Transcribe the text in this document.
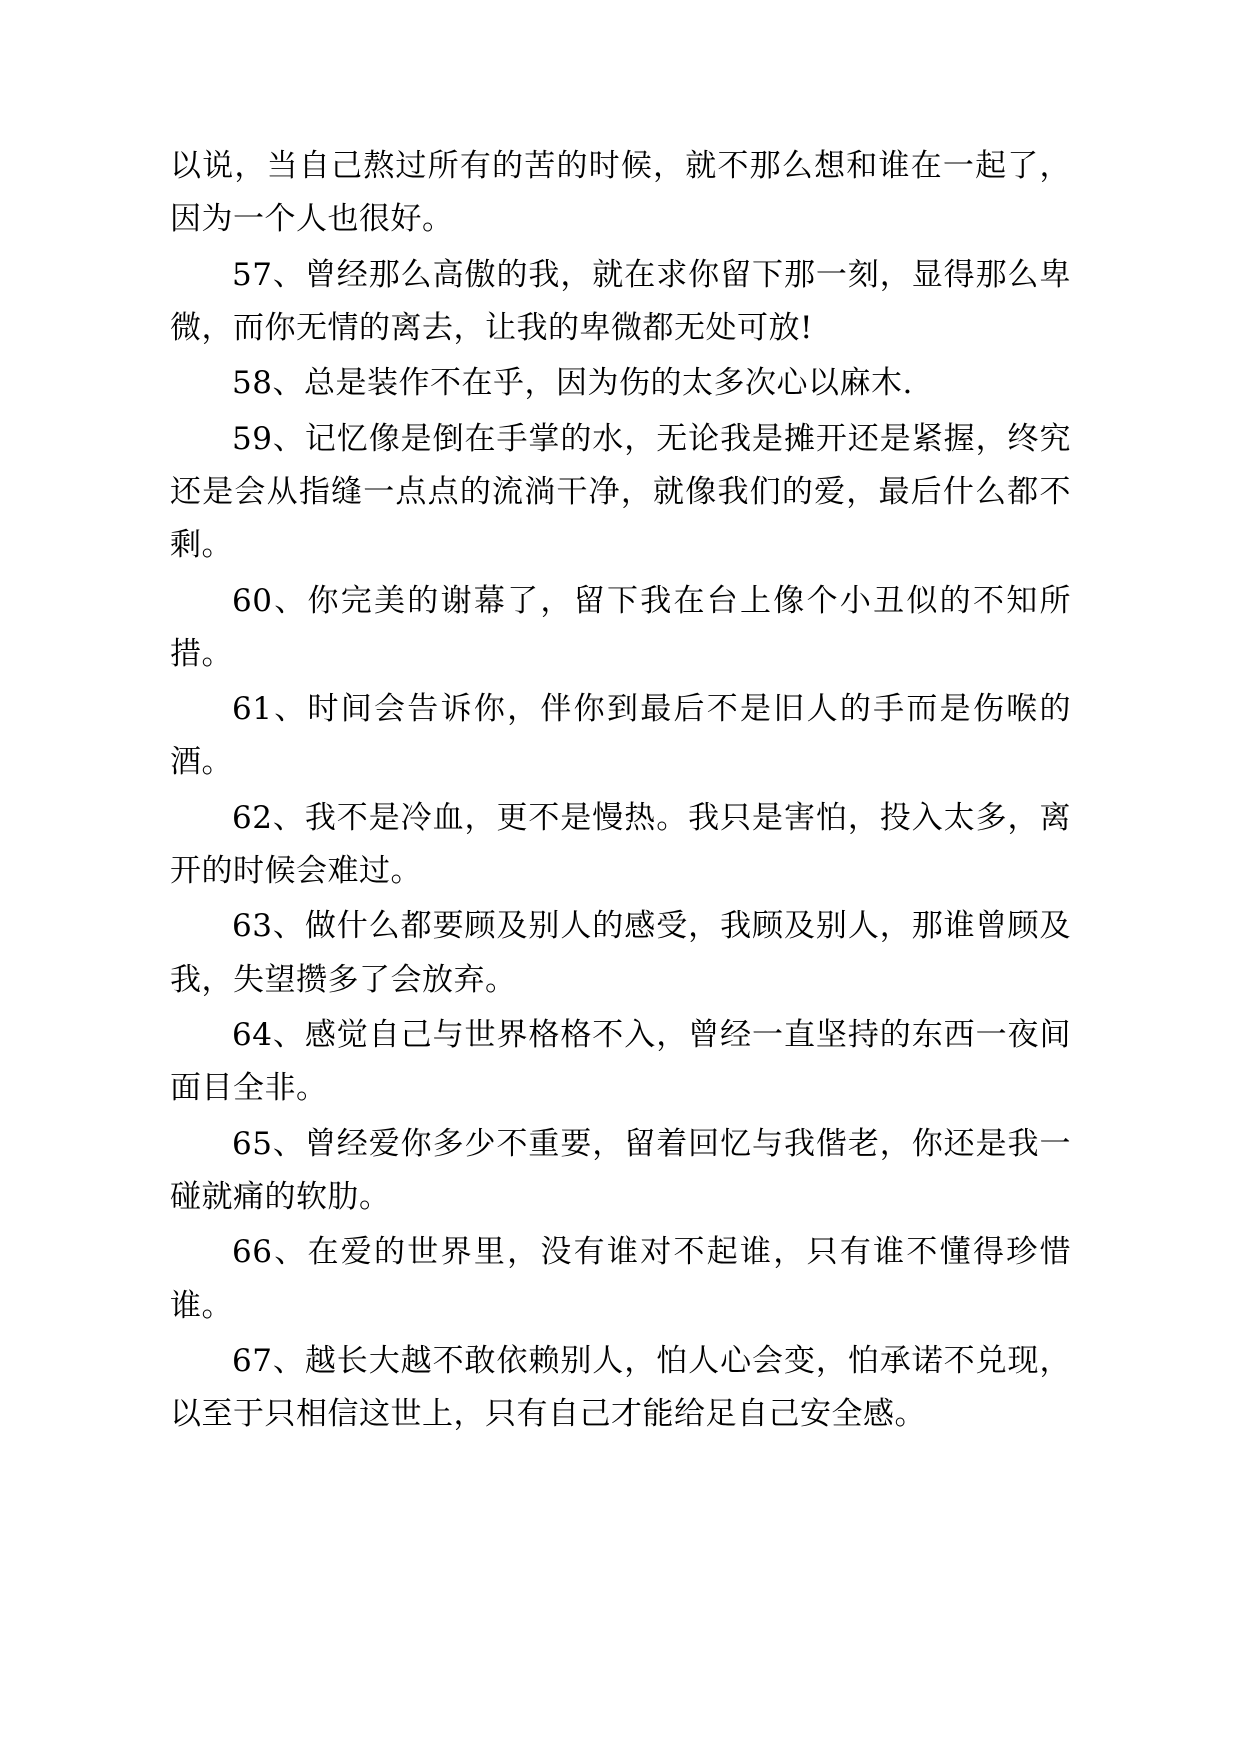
以说，当自己熬过所有的苦的时候，就不那么想和谁在一起了，因为一个人也很好。

57、曾经那么高傲的我，就在求你留下那一刻，显得那么卑微，而你无情的离去，让我的卑微都无处可放!

58、总是装作不在乎，因为伤的太多次心以麻木.

59、记忆像是倒在手掌的水，无论我是摊开还是紧握，终究还是会从指缝一点点的流淌干净，就像我们的爱，最后什么都不剩。

60、你完美的谢幕了，留下我在台上像个小丑似的不知所措。

61、时间会告诉你，伴你到最后不是旧人的手而是伤喉的酒。

62、我不是冷血，更不是慢热。我只是害怕，投入太多，离开的时候会难过。

63、做什么都要顾及别人的感受，我顾及别人，那谁曾顾及我，失望攒多了会放弃。

64、感觉自己与世界格格不入，曾经一直坚持的东西一夜间面目全非。

65、曾经爱你多少不重要，留着回忆与我偕老，你还是我一碰就痛的软肋。

66、在爱的世界里，没有谁对不起谁，只有谁不懂得珍惜谁。

67、越长大越不敢依赖别人，怕人心会变，怕承诺不兑现，以至于只相信这世上，只有自己才能给足自己安全感。
